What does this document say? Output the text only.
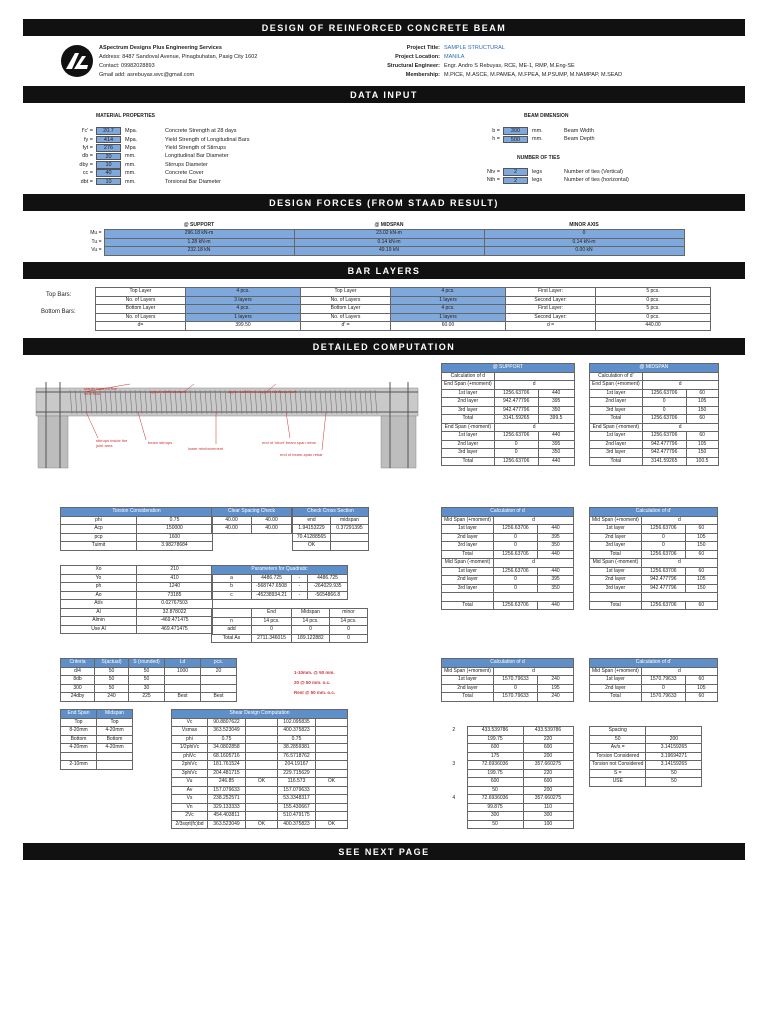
DESIGN OF REINFORCED CONCRETE BEAM
ASpectrum Designs Plus Engineering Services
Address: 8487 Sandoval Avenue, Pinagbuhatan, Pasig City 1602
Contact: 09982028893
Gmail add: asrebuyas.wvc@gmail.com
Project Title:
Project Location:
Structural Engineer:
Membership:
SAMPLE STRUCTURAL
MANILA
Engr. Andro S Rebuyas, RCE, ME-1, RMP, M.Eng-SE
M.PICE, M.ASCE, M.PAMEA, M.FPEA, M.PSUMP, M.NAMPAP, M.SEAD
DATA INPUT
MATERIAL PROPERTIES
f'c' =	20.7	Mpa.	Concrete Strength at 28 days
fy =	414	Mpa.	Yield Strength of Longitudinal Bars
fyt =	276	Mpa	Yield Strength of Stirrups
db =	20	mm.	Longitudinal Bar Diameter
dby =	10	mm.	Stirrups Diameter
cc =	40	mm.	Concrete Cover
dbt =	10	mm.	Torsional Bar Diameter
BEAM DIMENSION
b =	300	mm.	Beam Width
h =	500	mm.	Beam Depth
NUMBER OF TIES
Ntv =	2	legs	Number of ties (Vertical)
Nth =	2	legs	Number of ties (horizontal)
DESIGN FORCES (FROM STAAD RESULT)
	@ SUPPORT	@ MIDSPAN	MINOR AXIS
Mu =	296.18 kN-m	23.02 kN-m	0
Tu =	1.28 kN-m	0.14 kN-m	0.14 kN-m
Vu =	232.18 kN	49.19 kN	0.00 kN
BAR LAYERS
Top Bars:
Bottom Bars:
Top Layer	4 pcs.	Top Layer	4 pcs.	First Layer:	5 pcs.	
No. of Layers	3 layers	No. of Layers	1 layers	Second Layer:	0 pcs.	
Bottom Layer	4 pcs.	Bottom Layer	4 pcs.	First Layer:	5 pcs.	
No. of Layers	1 layers	No. of Layers	1 layers	Second Layer:	0 pcs.	
d=	399.50	d' =	60.00	d =	440.00						
DETAILED COMPUTATION
starter bars for the next floor	upper reinforcement	upper additional support reinforcement
stirrups inside the joint area
beam stirrups
lower reinforcement
end of 'short' beam span rebar
end of beam-span rebar
@ SUPPORT		
Calculation of d		
End Span (+moment)	d	
1st layer	1256.63706	440
2nd layer	942.477796	395
3rd layer	942.477796	350
Total	3141.59265	399.5
End Span (-moment)	d	
1st layer	1256.63706	440
2nd layer	0	395
3rd layer	0	350
Total	1256.63706	440
@ MIDSPAN		
Calculation of d'		
End Span (+moment)	d	
1st layer	1256.63706	60
2nd layer	0	105
3rd layer	0	150
Total	1256.63706	60
End Span (-moment)	d	
1st layer	1256.63706	60
2nd layer	942.477796	105
3rd layer	942.477796	150
Total	3141.59265	100.5
Torsion Consideration	
phi	0.75
Acp	150000
pcp	1600
Tuimit	3.98278684
Clear Spacing Check	
40.00	40.00
40.00	40.00
Check Cross Section	
end	midspan
1.94153229	0.37291395
70.41288565	
OK	
Calculation of d		
Mid Span (+moment)	d	
1st layer	1256.63706	440
2nd layer	0	395
3rd layer	0	350
Total	1256.63706	440
Mid Span (-moment)	d	
1st layer	1256.63706	440
2nd layer	0	395
3rd layer	0	350

Total	1256.63706	440
Calculation of d'		
Mid Span (+moment)	d	
1st layer	1256.63706	60
2nd layer	0	105
3rd layer	0	150
Total	1256.63706	60
Mid Span (-moment)	d	
1st layer	1256.63706	60
2nd layer	942.477796	105
3rd layer	942.477796	150

Total	1256.63706	60
Xo	210
Yo	410
ph	1240
Ao	73185
At/s	0.02767503
Al	32.878022
Almin	-469.471475
Use Al	469.471475
Parameters for Quadratic			
a	4486.725	-	4486.725
b	-568747.6508	-	-264029.935
c	-45238934.21	-	-5654866.8
	End	Midspan	minor
n	14 pcs.	14 pcs.	14 pcs.
add	0	0	0
Total As	2711.346015	189.122882	0
Criteria	S(actual)	S (rounded)	Ld	pcs.
d/4	50	50	1000	20
8db	50	50		
300	50	30		
24dby	240	225	Best	Best
Calculation of d		
Mid Span (+moment)	d	
1st layer	1570.79633	240
2nd layer	0	195
Total	1570.79633	240
Calculation of d'		
Mid Span (+moment)	d	
1st layer	1570.79633	60
2nd layer	0	105
Total	1570.79633	60
End Span	Midspan
Top	Top
8-20mm	4-20mm
Bottom	Bottom
4-20mm	4-20mm

2-10mm	
Shear Design Computation				
Vc	90.8807622		102.095835	
Vsmax	363.523049		400.375823	
phi	0.75		0.75	
1/2phiVc	34.0802858		38.2859381	
phiVc	68.1605716		76.5718762	
2phiVc	181.761524		204.19167	
3phiVc	204.481715		229.715629	
Vu	246.85	OK	116.573	OK
Av	157.079633		157.079633	
Vs	238.252571		53.3348317	
Vn	329.133333		155.430667	
2Vc	454.403811		510.479175	
2/3sqrt(fc)bd	363.523049	OK	400.375823	OK
2	433.539786	433.539786
	199.75	220
	600	600
	175	200
3	72.6936036	357.660275
	199.75	220
	600	600
	50	200
4	72.6936036	357.660275
	99.875	110
	300	300
	50	100
Spacing	
50	200
Av/s =	3.14159265
Torsion Considered	3.19694271
Torsion not Considered	3.14159265
S =	50
USE	50
1-10mm. @ 50 mm.
20 @ 50 mm. o.c.
Rest @ 50 mm. o.c.
SEE NEXT PAGE
